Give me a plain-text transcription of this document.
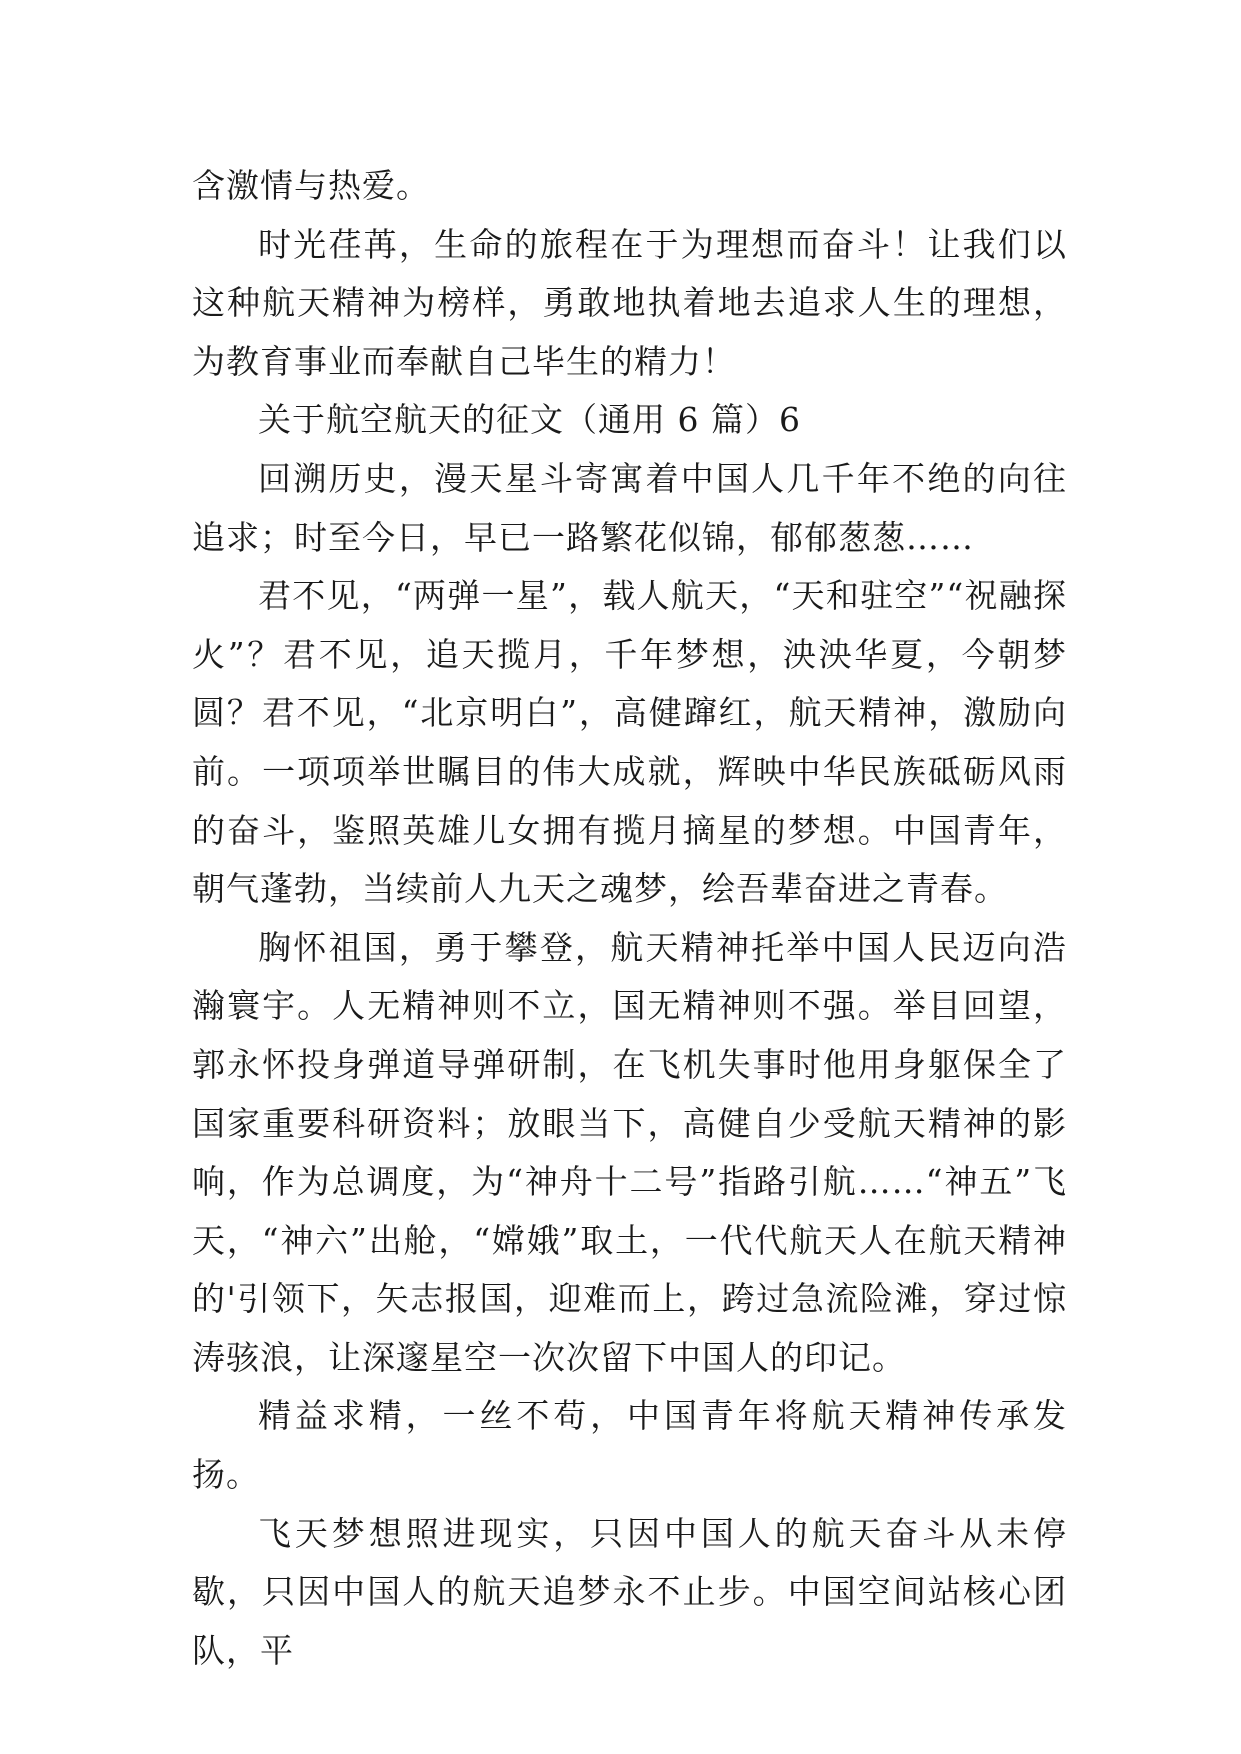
含激情与热爱。

时光荏苒，生命的旅程在于为理想而奋斗！让我们以这种航天精神为榜样，勇敢地执着地去追求人生的理想，为教育事业而奉献自己毕生的精力！

关于航空航天的征文（通用 6 篇）6

回溯历史，漫天星斗寄寓着中国人几千年不绝的向往追求；时至今日，早已一路繁花似锦，郁郁葱葱……

君不见，“两弹一星”，载人航天，“天和驻空”“祝融探火”？君不见，追天揽月，千年梦想，泱泱华夏，今朝梦圆？君不见，“北京明白”，高健蹿红，航天精神，激励向前。一项项举世瞩目的伟大成就，辉映中华民族砥砺风雨的奋斗，鉴照英雄儿女拥有揽月摘星的梦想。中国青年，朝气蓬勃，当续前人九天之魂梦，绘吾辈奋进之青春。

胸怀祖国，勇于攀登，航天精神托举中国人民迈向浩瀚寰宇。人无精神则不立，国无精神则不强。举目回望，郭永怀投身弹道导弹研制，在飞机失事时他用身躯保全了国家重要科研资料；放眼当下，高健自少受航天精神的影响，作为总调度，为“神舟十二号”指路引航……“神五”飞天，“神六”出舱，“嫦娥”取土，一代代航天人在航天精神的'引领下，矢志报国，迎难而上，跨过急流险滩，穿过惊涛骇浪，让深邃星空一次次留下中国人的印记。

精益求精，一丝不苟，中国青年将航天精神传承发扬。

飞天梦想照进现实，只因中国人的航天奋斗从未停歇，只因中国人的航天追梦永不止步。中国空间站核心团队，平
